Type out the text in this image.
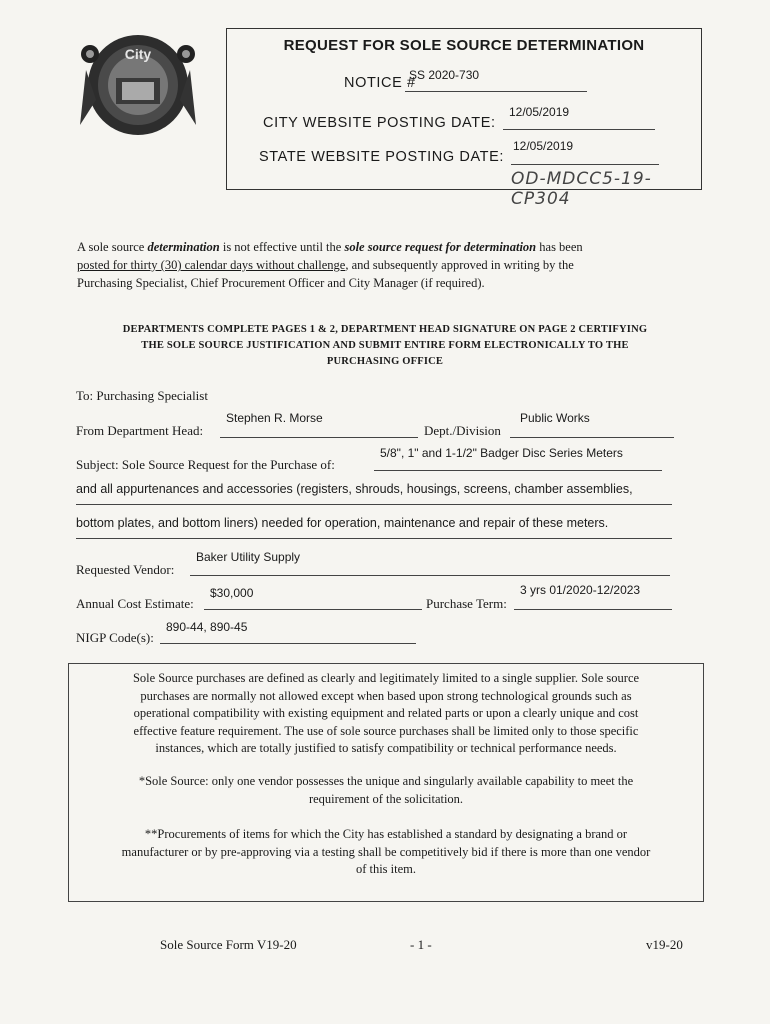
City	REQUEST FOR SOLE SOURCE DETERMINATION
NOTICE #
SS 2020-730
CITY WEBSITE POSTING DATE:
12/05/2019
STATE WEBSITE POSTING DATE:
12/05/2019
OD-MDCC5-19-CP304
A sole source determination is not effective until the sole source request for determination has been
posted for thirty (30) calendar days without challenge, and subsequently approved in writing by the
Purchasing Specialist, Chief Procurement Officer and City Manager (if required).
DEPARTMENTS COMPLETE PAGES 1 & 2, DEPARTMENT HEAD SIGNATURE ON PAGE 2 CERTIFYING
THE SOLE SOURCE JUSTIFICATION AND SUBMIT ENTIRE FORM ELECTRONICALLY TO THE
PURCHASING OFFICE
To: Purchasing Specialist
From Department Head:
Stephen R. Morse
Dept./Division
Public Works
Subject: Sole Source Request for the Purchase of:
5/8", 1" and 1-1/2" Badger Disc Series Meters
and all appurtenances and accessories (registers, shrouds, housings, screens, chamber assemblies,
bottom plates, and bottom liners) needed for operation, maintenance and repair of these meters.
Requested Vendor:
Baker Utility Supply
Annual Cost Estimate:
$30,000
Purchase Term:
3 yrs 01/2020-12/2023
NIGP Code(s):
890-44, 890-45
Sole Source purchases are defined as clearly and legitimately limited to a single supplier. Sole source
purchases are normally not allowed except when based upon strong technological grounds such as
operational compatibility with existing equipment and related parts or upon a clearly unique and cost
effective feature requirement. The use of sole source purchases shall be limited only to those specific
instances, which are totally justified to satisfy compatibility or technical performance needs.
*Sole Source: only one vendor possesses the unique and singularly available capability to meet the
requirement of the solicitation.
**Procurements of items for which the City has established a standard by designating a brand or
manufacturer or by pre-approving via a testing shall be competitively bid if there is more than one vendor
of this item.
Sole Source Form V19-20	- 1 -	v19-20
